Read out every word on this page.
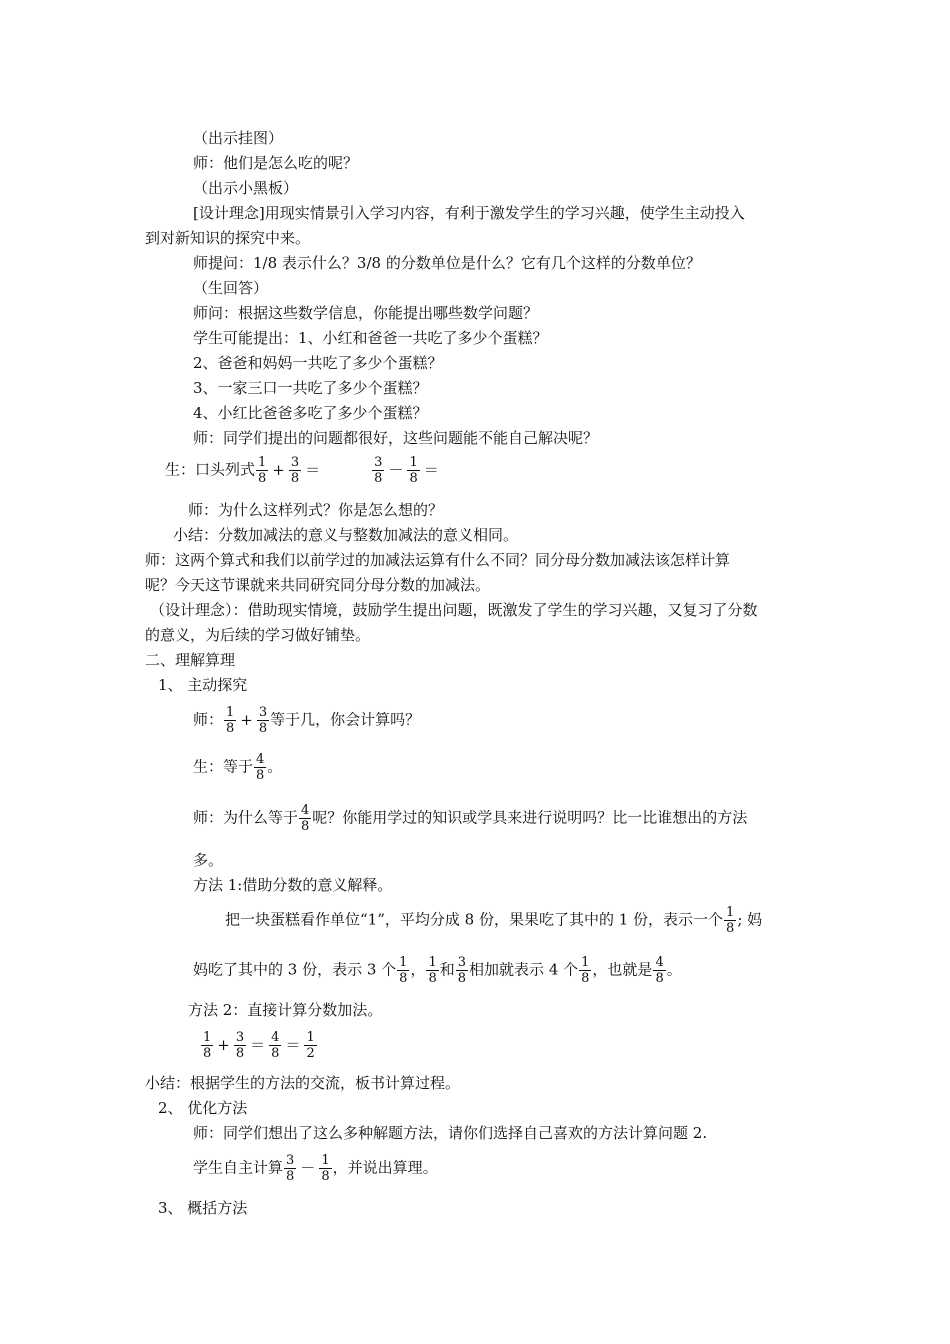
（出示挂图）
师：他们是怎么吃的呢？
（出示小黑板）
[设计理念]用现实情景引入学习内容，有利于激发学生的学习兴趣，使学生主动投入
到对新知识的探究中来。
师提问：1/8 表示什么？3/8 的分数单位是什么？它有几个这样的分数单位？
（生回答）
师问：根据这些数学信息，你能提出哪些数学问题？
学生可能提出：1、小红和爸爸一共吃了多少个蛋糕？
2、爸爸和妈妈一共吃了多少个蛋糕？
3、一家三口一共吃了多少个蛋糕？
4、小红比爸爸多吃了多少个蛋糕？
师：同学们提出的问题都很好，这些问题能不能自己解决呢？
生：口头列式 $\frac{1}{8} + \frac{3}{8}$ ＝	$\frac{3}{8} - \frac{1}{8}$ ＝
师：为什么这样列式？你是怎么想的？
小结：分数加减法的意义与整数加减法的意义相同。
师：这两个算式和我们以前学过的加减法运算有什么不同？同分母分数加减法该怎样计算
呢？今天这节课就来共同研究同分母分数的加减法。
（设计理念）：借助现实情境，鼓励学生提出问题，既激发了学生的学习兴趣，又复习了分数
的意义，为后续的学习做好铺垫。
二、理解算理
1、 主动探究
师： $\frac{1}{8} + \frac{3}{8}$ 等于几，你会计算吗？
生：等于 $\frac{4}{8}$ 。
师：为什么等于 $\frac{4}{8}$ 呢？你能用学过的知识或学具来进行说明吗？比一比谁想出的方法
多。
方法 1:借助分数的意义解释。
把一块蛋糕看作单位“1”，平均分成 8 份，果果吃了其中的 1 份，表示一个 $\frac{1}{8}$ ; 妈
妈吃了其中的 3 份，表示 3 个 $\frac{1}{8}$ ， $\frac{1}{8}$ 和 $\frac{3}{8}$ 相加就表示 4 个 $\frac{1}{8}$ ，也就是 $\frac{4}{8}$ 。
方法 2：直接计算分数加法。
$\frac{1}{8} + \frac{3}{8} = \frac{4}{8} = \frac{1}{2}$
小结：根据学生的方法的交流，板书计算过程。
2、 优化方法
师：同学们想出了这么多种解题方法，请你们选择自己喜欢的方法计算问题 2.
学生自主计算 $\frac{3}{8} - \frac{1}{8}$ ，并说出算理。
3、 概括方法
